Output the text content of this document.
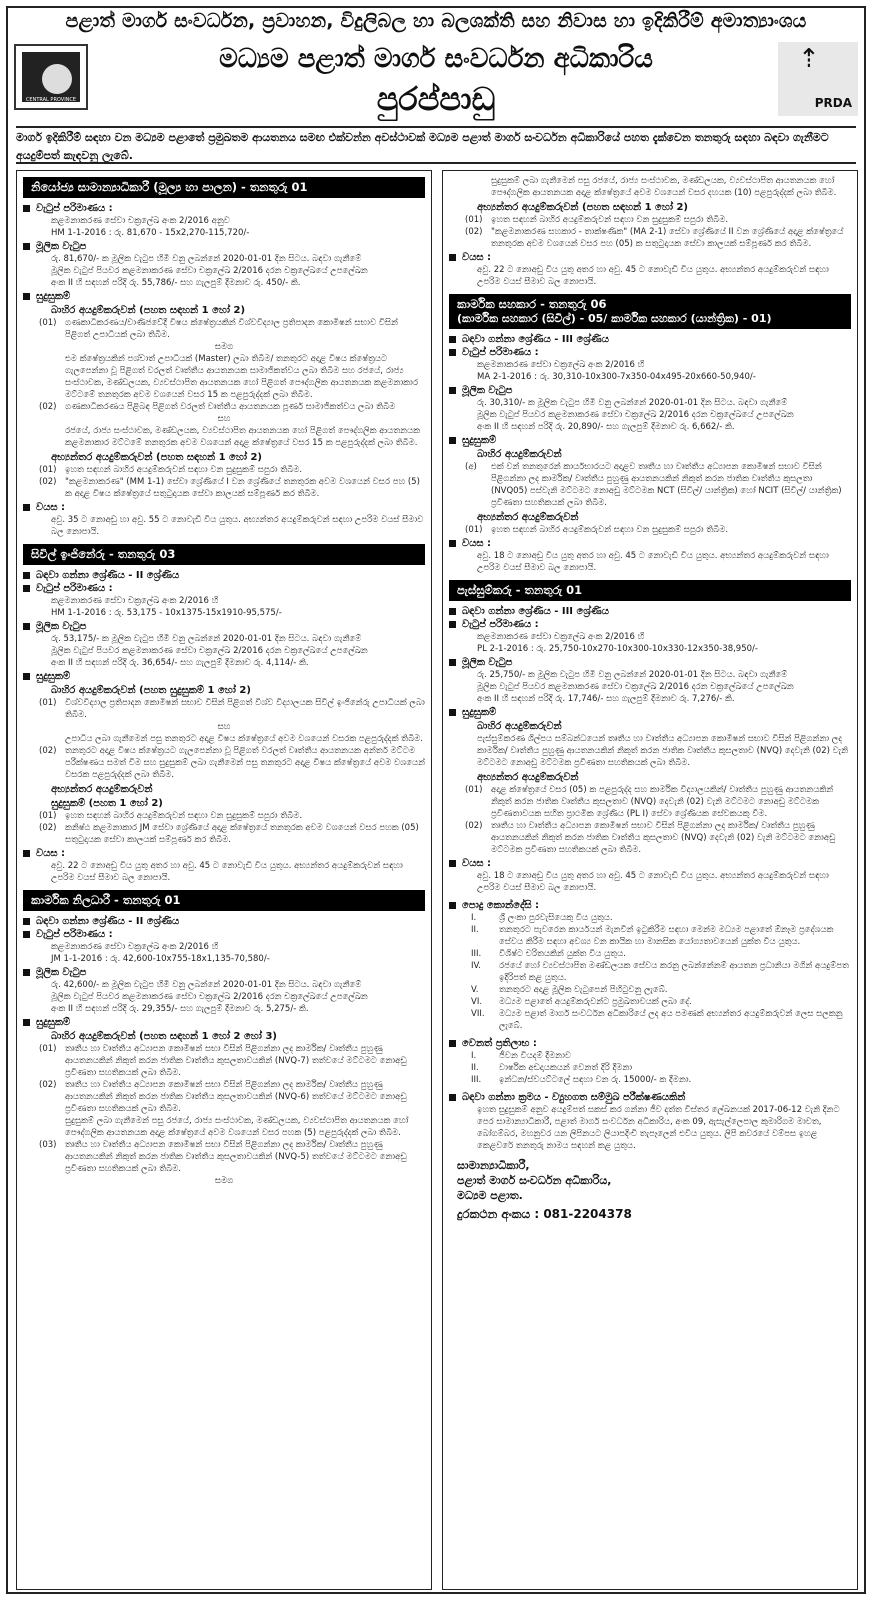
පළාත් මාර්ග සංවර්ධන, ප්‍රවාහන, විදුලිබල හා බලශක්ති සහ නිවාස හා ඉදිකිරීම් අමාත්‍යාංශය
CENTRAL PROVINCE
මධ්‍යම පළාත් මාර්ග සංවර්ධන අධිකාරිය
පුරප්පාඩු
⇡
PRDA
මාර්ග ඉදිකිරීම් සඳහා වන මධ්‍යම පළාතේ ප්‍රමුඛතම ආයතනය සමඟ එක්වන්න අවස්ථාවක් මධ්‍යම පළාත් මාර්ග සංවර්ධන අධිකාරියේ පහත දැක්වෙන තනතුරු සඳහා බඳවා ගැනීමට අයදුම්පත් කැඳවනු ලැබේ.
නියෝජ්‍ය සාමාන්‍යාධිකාරී (මූල්‍ය හා පාලන) - තනතුරු 01
වැටුප් පරිමාණය :
කළමනාකරණ සේවා චක්‍රලේඛ අංක 2/2016 අනුව
HM 1-1-2016 : රු. 81,670 - 15x2,270-115,720/-
මූලික වැටුප
රු. 81,670/- ක මූලික වැටුප හිමි වනු ලබන්නේ 2020-01-01 දින සිටය. බඳවා ගැනීමේ
මූලික වැටුප් පියවර කළමනාකරණ සේවා චක්‍රලේඛ 2/2016 දරන චක්‍රලේඛයේ උපලේඛන
අංක II හි සඳහන් පරිදි රු. 55,786/- සහ ගැලපුම් දීමනාව රු. 450/- කි.
සුදුසුකම්
බාහිර අයදුම්කරුවන් (පහත සඳහන් 1 හෝ 2)
(01)	ගණකාධිකරණය/වාණිජවේදී විෂය ක්ෂේත්‍රයකින් විශ්වවිද්‍යාල ප්‍රතිපාදන කොමිෂන් සභාව විසින් පිළිගත් උපාධියක් ලබා තිබීම.
සමග
එම ක්ෂේත්‍රයකින් පශ්චාත් උපාධියක් (Master) ලබා තිබීම/ තනතුරට අදාළ විෂය ක්ෂේත්‍රයට ගැලපෙන්නා වූ පිළිගත් වරලත් වෘත්තීය ආයතනයක සාමාජිකත්වය ලබා තිබීම සහ රජයේ, රාජ්‍ය සංස්ථාවක, මණ්ඩලයක, ව්‍යවස්ථාපිත ආයතනයක හෝ පිළිගත් පෞද්ගලික ආයතනයක කළමනාකාර මට්ටමේ තනතුරක අවම වශයෙන් වසර 15 ක පළපුරුද්දක් ලබා තිබීම.
(02)	ගණකාධිකරණය පිළිබඳ පිළිගත් වරලත් වෘත්තීය ආයතනයක පූර්ණ සාමාජිකත්වය ලබා තිබීම
සහ
රජයේ, රාජ්‍ය සංස්ථාවක, මණ්ඩලයක, ව්‍යවස්ථාපිත ආයතනයක හෝ පිළිගත් පෞද්ගලික ආයතනයක කළමනාකාර මට්ටමේ තනතුරක අවම වශයෙන් අදාළ ක්ෂේත්‍රයේ වසර 15 ක පළපුරුද්දක් ලබා තිබීම.
අභ්‍යන්තර අයදුම්කරුවන් (පහත සඳහන් 1 හෝ 2)
(01)	ඉහත සඳහන් බාහිර අයදුම්කරුවන් සඳහා වන සුදුසුකම් සපුරා තිබීම.
(02)	"කළමනාකරණ" (MM 1-1) සේවා ශ්‍රේණියේ I වන ශ්‍රේණියේ තනතුරක අවම වශයෙන් වසර පහ (5) ක අදාළ විෂය ක්ෂේත්‍රයේ සතුටුදායක සේවා කාලයක් සම්පූර්ණ කර තිබීම.
වයස :
අවු. 35 ට නොඅඩු හා අවු. 55 ට නොවැඩි විය යුතුය. අභ්‍යන්තර අයදුම්කරුවන් සඳහා උපරිම වයස් සීමාව බල නොපායි.
සිවිල් ඉංජිනේරු - තනතුරු 03
බඳවා ගන්නා ශ්‍රේණිය - II ශ්‍රේණිය
වැටුප් පරිමාණය :
කළමනාකරණ සේවා චක්‍රලේඛ අංක 2/2016 හි
HM 1-1-2016 : රු. 53,175 - 10x1375-15x1910-95,575/-
මූලික වැටුප
රු. 53,175/- ක මූලික වැටුප හිමි වනු ලබන්නේ 2020-01-01 දින සිටය. බඳවා ගැනීමේ
මූලික වැටුප් පියවර කළමනාකරණ සේවා චක්‍රලේඛ 2/2016 දරන චක්‍රලේඛයේ උපලේඛන
අංක II හි සඳහන් පරිදි රු. 36,654/- සහ ගැලපුම් දීමනාව රු. 4,114/- කි.
සුදුසුකම්
බාහිර අයදුම්කරුවන් (පහත සුදුසුකම් 1 හෝ 2)
(01)	විශ්වවිද්‍යාල ප්‍රතිපාදන කොමිෂන් සභාව විසින් පිළිගත් විශ්ව විද්‍යාලයක සිවිල් ඉංජිනේරු උපාධියක් ලබා තිබීම.
සහ
උපාධිය ලබා ගැනීමෙන් පසු තනතුරට අදාළ විෂය ක්ෂේත්‍රයේ අවම වශයෙන් වසරක පළපුරුද්දක් තිබීම.
(02)	තනතුරට අදාළ විෂය ක්ෂේත්‍රයට ගැලපෙන්නා වූ පිළිගත් වරලත් වෘත්තීය ආයතනයක අන්තර් මට්ටම පරීක්ෂණය සමත් වීම සහ සුදුසුකම් ලබා ගැනීමෙන් පසු තනතුරට අදාළ විෂය ක්ෂේත්‍රයේ අවම වශයෙන් වසරක පළපුරුද්දක් ලබා තිබීම.
අභ්‍යන්තර අයදුම්කරුවන්
සුදුසුකම් (පහත 1 හෝ 2)
(01)	ඉහත සඳහන් බාහිර අයදුම්කරුවන් සඳහා වන සුදුසුකම් සපුරා තිබීම.
(02)	කනිෂ්ඨ කළමනාකාර JM සේවා ශ්‍රේණියේ අදාළ ක්ෂේත්‍රයේ තනතුරක අවම වශයෙන් වසර පහක (05) සතුටුදායක සේවා කාලයක් සම්පූර්ණ කර තිබීම.
වයස :
අවු. 22 ට නොඅඩු විය යුතු අතර හා අවු. 45 ට නොවැඩි විය යුතුය. අභ්‍යන්තර අයදුම්කරුවන් සඳහා උපරිම වයස් සීමාව බල නොපායි.
කාර්මික නිලධාරී - තනතුරු 01
බඳවා ගන්නා ශ්‍රේණිය - II ශ්‍රේණිය
වැටුප් පරිමාණය :
කළමනාකරණ සේවා චක්‍රලේඛ අංක 2/2016 හි
JM 1-1-2016 : රු. 42,600-10x755-18x1,135-70,580/-
මූලික වැටුප
රු. 42,600/- ක මූලික වැටුප හිමි වනු ලබන්නේ 2020-01-01 දින සිටය. බඳවා ගැනීමේ
මූලික වැටුප් පියවර කළමනාකරණ සේවා චක්‍රලේඛ 2/2016 දරන චක්‍රලේඛයේ උපලේඛන
අංක II හි සඳහන් පරිදි රු. 29,355/- සහ ගැලපුම් දීමනාව රු. 5,275/- කි.
සුදුසුකම්
බාහිර අයදුම්කරුවන් (පහත සඳහන් 1 හෝ 2 හෝ 3)
(01)	තෘතීය හා වෘත්තීය අධ්‍යාපන කොමිෂන් සභා විසින් පිළිගන්නා ලද කාර්මික/ වෘත්තීය පුහුණු ආයතනයකින් නිකුත් කරන ජාතික වෘත්තීය කුසලතාවයකින් (NVQ-7) තත්වයේ මට්ටමට නොඅඩු ප්‍රවීණතා සහතිකයක් ලබා තිබීම.
(02)	තෘතීය හා වෘත්තීය අධ්‍යාපන කොමිෂන් සභා විසින් පිළිගන්නා ලද කාර්මික/ වෘත්තීය පුහුණු ආයතනයකින් නිකුත් කරන ජාතික වෘත්තීය කුසලතාවයකින් (NVQ-6) තත්වයේ මට්ටමට නොඅඩු ප්‍රවීණතා සහතිකයක් ලබා තිබීම.
සුදුසුකම් ලබා ගැනීමෙන් පසු රජයේ, රාජ්‍ය සංස්ථාවක, මණ්ඩලයක, ව්‍යවස්ථාපිත ආයතනයක හෝ පෞද්ගලික ආයතනයක අදාළ ක්ෂේත්‍රයේ අවම වශයෙන් වසර පහක (5) පළපුරුද්දක් ලබා තිබීම.
(03)	තෘතීය හා වෘත්තීය අධ්‍යාපන කොමිෂන් සභා විසින් පිළිගන්නා ලද කාර්මික/ වෘත්තීය පුහුණු ආයතනයකින් නිකුත් කරන ජාතික වෘත්තීය කුසලතාවයකින් (NVQ-5) තත්වයේ මට්ටමට නොඅඩු ප්‍රවීණතා සහතිකයක් ලබා තිබීම.
සමග
සුදුසුකම් ලබා ගැනීමෙන් පසු රජයේ, රාජ්‍ය සංස්ථාවක, මණ්ඩලයක, ව්‍යවස්ථාපිත ආයතනයක හෝ පෞද්ගලික ආයතනයක අදාළ ක්ෂේත්‍රයේ අවම වශයෙන් වසර දහයක (10) පළපුරුද්දක් ලබා තිබීම.
අභ්‍යන්තර අයදුම්කරුවන් (පහත සඳහන් 1 හෝ 2)
(01)	ඉහත සඳහන් බාහිර අයදුම්කරුවන් සඳහා වන සුදුසුකම් සපුරා තිබීම.
(02)	"කළමනාකරණ සහකාර - තාක්ෂණික" (MA 2-1) සේවා ශ්‍රේණියේ II වන ශ්‍රේණියේ අදාළ ක්ෂේත්‍රයේ තනතුරක අවම වශයෙන් වසර පහ (05) ක සතුටුදායක සේවා කාලයක් සම්පූර්ණ කර තිබීම.
වයස :
අවු. 22 ට නොඅඩු විය යුතු අතර හා අවු. 45 ට නොවැඩි විය යුතුය. අභ්‍යන්තර අයදුම්කරුවන් සඳහා උපරිම වයස් සීමාව බල නොපායි.
කාර්මික සහකාර - තනතුරු 06
(කාර්මික සහකාර (සිවිල්) - 05/ කාර්මික සහකාර (යාන්ත්‍රික) - 01)
බඳවා ගන්නා ශ්‍රේණිය - III ශ්‍රේණිය
වැටුප් පරිමාණය :
කළමනාකරණ සේවා චක්‍රලේඛ අංක 2/2016 හි
MA 2-1-2016 : රු. 30,310-10x300-7x350-04x495-20x660-50,940/-
මූලික වැටුප
රු. 30,310/- ක මූලික වැටුප හිමි වනු ලබන්නේ 2020-01-01 දින සිටය. බඳවා ගැනීමේ
මූලික වැටුප් පියවර කළමනාකරණ සේවා චක්‍රලේඛ 2/2016 දරන චක්‍රලේඛයේ උපලේඛන
අංක II හි සඳහන් පරිදි රු. 20,890/- සහ ගැලපුම් දීමනාව රු. 6,662/- කි.
සුදුසුකම්
බාහිර අයදුම්කරුවන්
(අ)	එක් වන් තනතුරෙන් කාර්යභාරයට අදාළව තෘතීය හා වෘත්තීය අධ්‍යාපන කොමිෂන් සභාව විසින් පිළිගන්නා ලද කාර්මික/ වෘත්තීය පුහුණු ආයතනයකින් නිකුත් කරන ජාතික වෘත්තීය කුසලතා (NVQ05) පස්වැනි මට්ටමට නොඅඩු මට්ටමක NCT (සිවිල්/ යාන්ත්‍රික) හෝ NCIT (සිවිල්/ යාන්ත්‍රික) ප්‍රවීණතා සහතිකයක් ලබා තිබීම.
අභ්‍යන්තර අයදුම්කරුවන්
(01)	ඉහත සඳහන් බාහිර අයදුම්කරුවන් සඳහා වන සුදුසුකම් සපුරා තිබීම.
වයස :
අවු. 18 ට නොඅඩු විය යුතු අතර හා අවු. 45 ට නොවැඩි විය යුතුය. අභ්‍යන්තර අයදුම්කරුවන් සඳහා උපරිම වයස් සීමාව බල නොපායි.
පැස්සුම්කරු - තනතුරු 01
බඳවා ගන්නා ශ්‍රේණිය - III ශ්‍රේණිය
වැටුප් පරිමාණය :
කළමනාකරණ සේවා චක්‍රලේඛ අංක 2/2016 හි
PL 2-1-2016 : රු. 25,750-10x270-10x300-10x330-12x350-38,950/-
මූලික වැටුප
රු. 25,750/- ක මූලික වැටුප හිමි වනු ලබන්නේ 2020-01-01 දින සිටය. බඳවා ගැනීමේ
මූලික වැටුප් පියවර කළමනාකරණ සේවා චක්‍රලේඛ 2/2016 දරන චක්‍රලේඛයේ උපලේඛන
අංක II හි සඳහන් පරිදි රු. 17,746/- සහ ගැලපුම් දීමනාව රු. 7,276/- කි.
සුදුසුකම්
බාහිර අයදුම්කරුවන්
පැස්සුම්කරණ ශිල්පය සම්බන්ධයෙන් තෘතීය හා වෘත්තීය අධ්‍යාපන කොමිෂන් සභාව විසින් පිළිගන්නා ලද කාර්මික/ වෘත්තීය පුහුණු ආයතනයකින් නිකුත් කරන ජාතික වෘත්තීය කුසලතාව (NVQ) දෙවැනි (02) වැනි මට්ටමට නොඅඩු මට්ටමක ප්‍රවීණතා සහතිකයක් ලබා තිබීම.
අභ්‍යන්තර අයදුම්කරුවන්
(01)	අදාළ ක්ෂේත්‍රයේ වසර (05) ක පළපුරුද්ද සහ කාර්මික විද්‍යාලයකින්/ වෘත්තීය පුහුණු ආයතනයකින් නිකුත් කරන ජාතික වෘත්තීය කුසලතාව (NVQ) දෙවැනි (02) වැනි මට්ටමට නොඅඩු මට්ටමක ප්‍රවීණතාවයක සහිත ප්‍රාථමික ශ්‍රේණිය (PL I) සේවා ශ්‍රේණියක සේවකයකු වීම.
(02)	තෘතීය හා වෘත්තීය අධ්‍යාපන කොමිෂන් සභාව විසින් පිළිගන්නා ලද කාර්මික/ වෘත්තීය පුහුණු ආයතනයකින් නිකුත් කරන ජාතික වෘත්තීය කුසලතාව (NVQ) දෙවැනි (02) වැනි මට්ටමට නොඅඩු මට්ටමක ප්‍රවීණතා සහතිකයක් ලබා තිබීම.
වයස :
අවු. 18 ට නොඅඩු විය යුතු අතර හා අවු. 45 ට නොවැඩි විය යුතුය. අභ්‍යන්තර අයදුම්කරුවන් සඳහා උපරිම වයස් සීමාව බල නොපායි.
පොදු කොන්දේසි :
I.	ශ්‍රී ලංකා පුරවැසියෙකු විය යුතුය.
II.	තනතුරට පැවරෙන කාර්යයන් මැනවින් ඉටුකිරීම සඳහා මෙන්ම මධ්‍යම පළාතේ ඕනෑම ප්‍රදේශයක සේවය කිරීම සඳහා අවශ්‍ය වන කායික හා මානසික යෝග්‍යතාවයෙන් යුක්ත විය යුතුය.
III.	විශිෂ්ට චරිතයකින් යුක්ත විය යුතුය.
IV.	රජයේ හෝ ව්‍යවස්ථාපිත මණ්ඩලයක සේවය කරනු ලබන්නේනම් ආයතන ප්‍රධානියා මගින් අයදුම්පත ඉදිරිපත් කළ යුතුය.
V.	තනතුරට අදාළ මූලික වැටුපෙන් පිහිටුවනු ලැබේ.
VI.	මධ්‍යම පළාතේ අයදුම්කරුවන්ට ප්‍රමුඛතාවයක් ලබා දේ.
VII.	මධ්‍යම පළාත් මාර්ග සංවර්ධන අධිකාරියේ ලද අය පමණක් අභ්‍යන්තර අයදුම්කරුවන් ලෙස සලකනු ලැබේ.
වෙනත් ප්‍රතිලාභ :
I.	ජීවන වියදම් දීමනාව
II.	වාර්ෂික අඩදායකයන් වෙනත් දිරි දීමනා
III.	ඉන්ධන/ස්වයට්ටලේ සඳහා වන රු. 15000/- ක දීමනා.
බඳවා ගන්නා ක්‍රමය - ව්‍යුහගත සම්මුඛ පරීක්ෂණයකින්
ඉහත සුදුසුකම් අනුව අයදුම්පත් සකස් කර ගන්නා ජීව දත්ත විස්තර ලේඛනයක් 2017-06-12 වැනි දිනට පෙර සාමාන්‍යාධිකාරී, පළාත් මාර්ග සංවර්ධන අධිකාරිය, අංක 09, ඇසැල්ලෙපාල කුමාරිගම මාවත, බෝගම්බර, මහනුවර යන ලිපිනයට ලියාපදිංචි තැපෑලෙන් එවිය යුතුය. ලිපි කවරයේ වම්පස ඉහළ කෙළවරේ තනතුරු නාමය සඳහන් කළ යුතුය.
සාමාන්‍යාධිකාරී,
පළාත් මාර්ග සංවර්ධන අධිකාරිය,
මධ්‍යම පළාත.
දුරකථන අංකය : 081-2204378
